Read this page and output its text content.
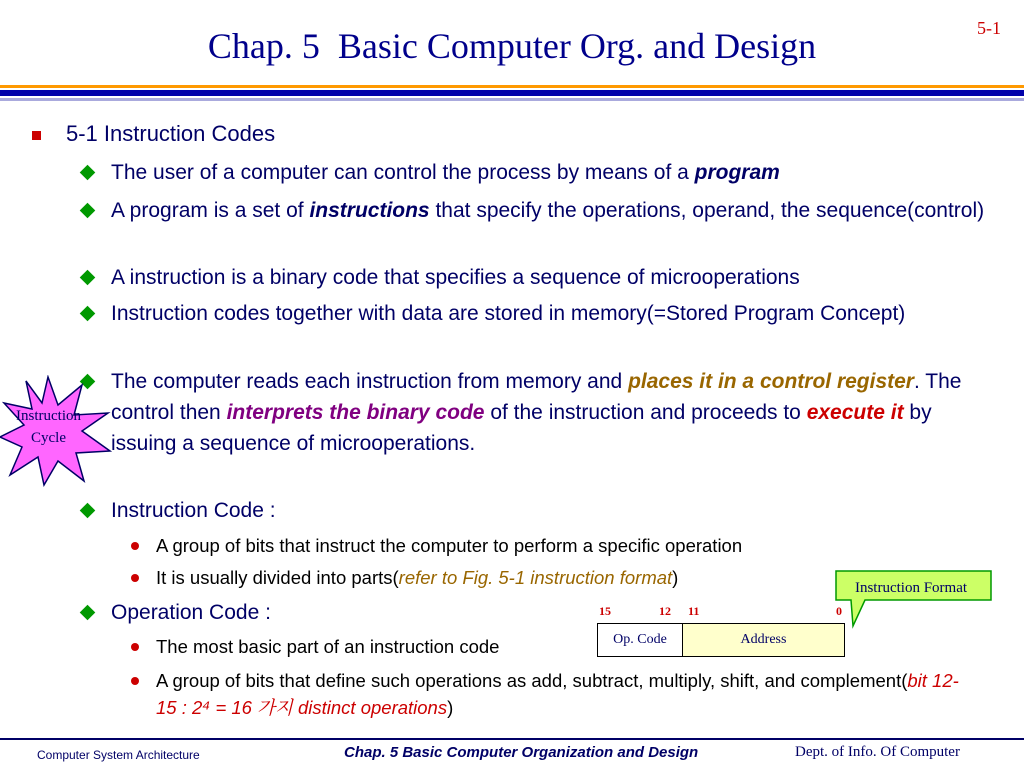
Chap. 5  Basic Computer Org. and Design	5-1
5-1 Instruction Codes
The user of a computer can control the process by means of a program
A program is a set of instructions that specify the operations, operand, the sequence(control)
A instruction is a binary code that specifies a sequence of microoperations
Instruction codes together with data are stored in memory(=Stored Program Concept)
The computer reads each instruction from memory and places it in a control register. The control then interprets the binary code of the instruction and proceeds to execute it by issuing a sequence of microoperations.
Instruction Code :
A group of bits that instruct the computer to perform a specific operation
It is usually divided into parts(refer to Fig. 5-1 instruction format)
Operation Code :
The most basic part of an instruction code
A group of bits that define such operations as add, subtract, multiply, shift, and complement(bit 12-15 : 2⁴ = 16 가지 distinct operations)
Instruction
Cycle
Instruction Format
15	12 11	0
Op. Code	Address
Computer System Architecture	Chap. 5 Basic Computer Organization and Design	Dept. of Info. Of Computer
